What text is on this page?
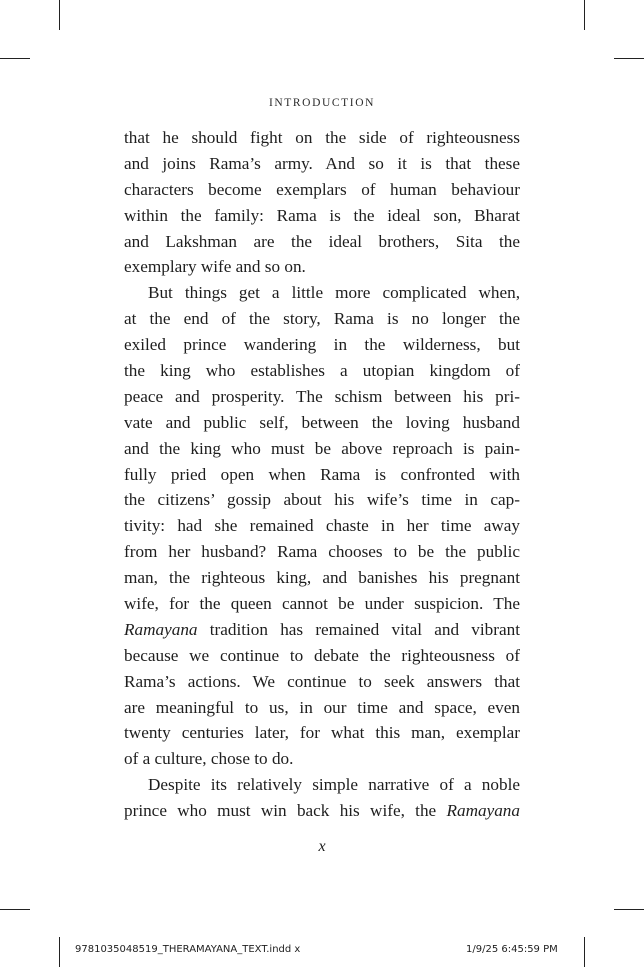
INTRODUCTION
that he should fight on the side of righteousness
and joins Rama’s army. And so it is that these
characters become exemplars of human behaviour
within the family: Rama is the ideal son, Bharat
and Lakshman are the ideal brothers, Sita the
exemplary wife and so on.
But things get a little more complicated when,
at the end of the story, Rama is no longer the
exiled prince wandering in the wilderness, but
the king who establishes a utopian kingdom of
peace and prosperity. The schism between his pri-
vate and public self, between the loving husband
and the king who must be above reproach is pain-
fully pried open when Rama is confronted with
the citizens’ gossip about his wife’s time in cap-
tivity: had she remained chaste in her time away
from her husband? Rama chooses to be the public
man, the righteous king, and banishes his pregnant
wife, for the queen cannot be under suspicion. The
Ramayana tradition has remained vital and vibrant
because we continue to debate the righteousness of
Rama’s actions. We continue to seek answers that
are meaningful to us, in our time and space, even
twenty centuries later, for what this man, exemplar
of a culture, chose to do.
Despite its relatively simple narrative of a noble
prince who must win back his wife, the Ramayana
x
9781035048519_THERAMAYANA_TEXT.indd x	1/9/25 6:45:59 PM
